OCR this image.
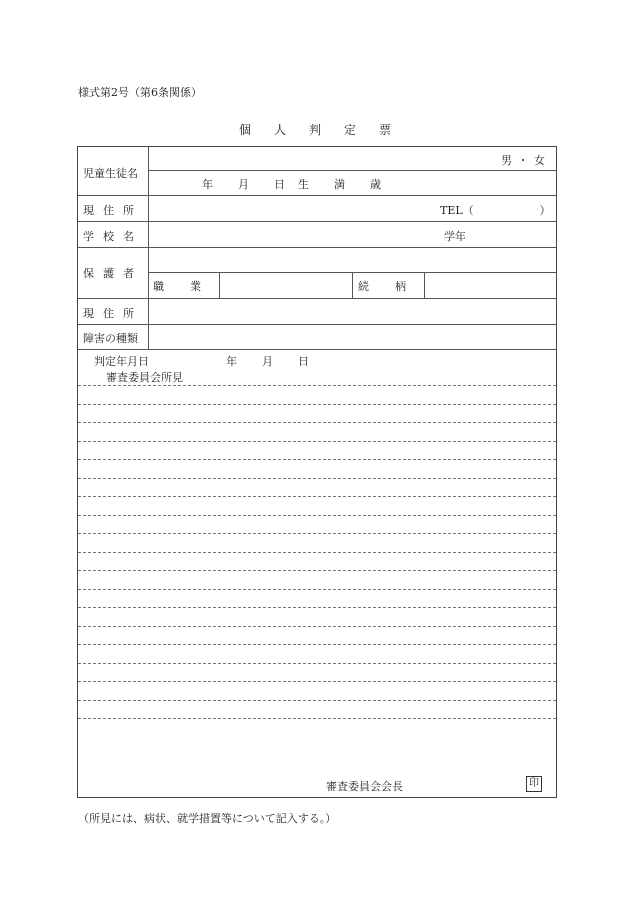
様式第2号（第6条関係）
個人判定票
児童生徒名
男 ・ 女
年 月 日 生 満 歳
現住所	TEL（　　　　　　）
学校名	学年
保護者
職業	続柄
現住所
障害の種類
判定年月日	年 月 日
審査委員会所見
審査委員会会長	印
（所見には、病状、就学措置等について記入する。）
